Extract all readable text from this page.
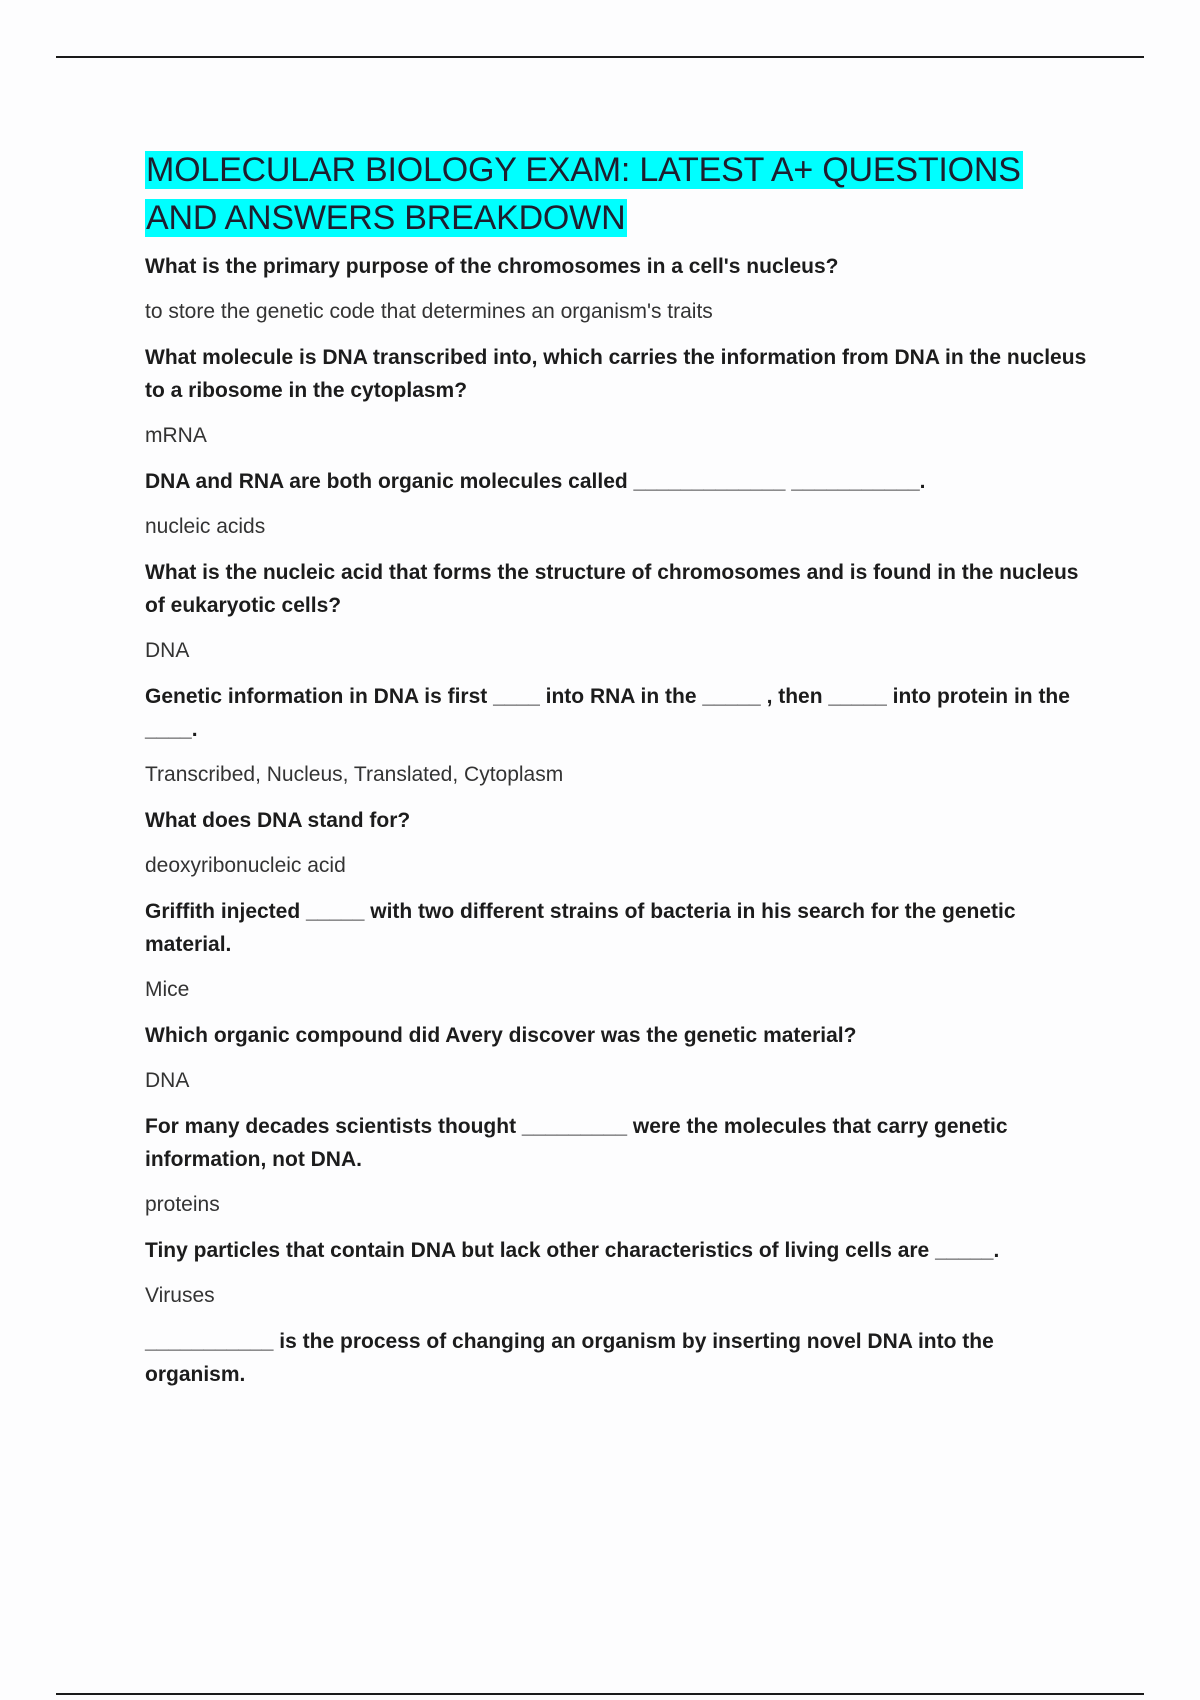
MOLECULAR BIOLOGY EXAM: LATEST A+ QUESTIONS AND ANSWERS BREAKDOWN

What is the primary purpose of the chromosomes in a cell's nucleus?

to store the genetic code that determines an organism's traits

What molecule is DNA transcribed into, which carries the information from DNA in the nucleus to a ribosome in the cytoplasm?

mRNA

DNA and RNA are both organic molecules called _____________ ___________.

nucleic acids

What is the nucleic acid that forms the structure of chromosomes and is found in the nucleus of eukaryotic cells?

DNA

Genetic information in DNA is first ____ into RNA in the _____ , then _____ into protein in the ____.

Transcribed, Nucleus, Translated, Cytoplasm

What does DNA stand for?

deoxyribonucleic acid

Griffith injected _____ with two different strains of bacteria in his search for the genetic material.

Mice

Which organic compound did Avery discover was the genetic material?

DNA

For many decades scientists thought _________ were the molecules that carry genetic information, not DNA.

proteins

Tiny particles that contain DNA but lack other characteristics of living cells are _____.

Viruses

___________ is the process of changing an organism by inserting novel DNA into the organism.
